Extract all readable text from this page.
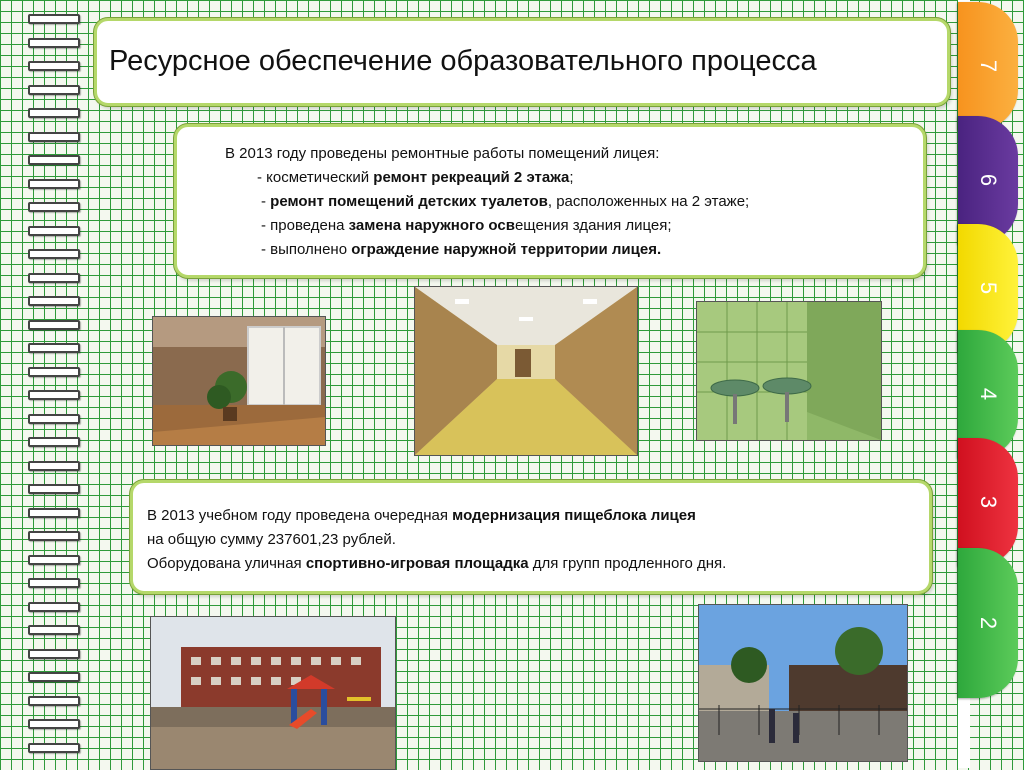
7
6
5
4
3
2
Ресурсное обеспечение образовательного процесса
В 2013 году проведены ремонтные работы помещений лицея:
- косметический ремонт рекреаций 2 этажа;
- ремонт помещений детских туалетов, расположенных на 2 этаже;
- проведена замена наружного освещения здания лицея;
- выполнено ограждение наружной территории лицея.
В 2013 учебном году проведена очередная модернизация пищеблока лицея
на общую сумму 237601,23 рублей.
Оборудована уличная спортивно-игровая площадка для групп продленного дня.
